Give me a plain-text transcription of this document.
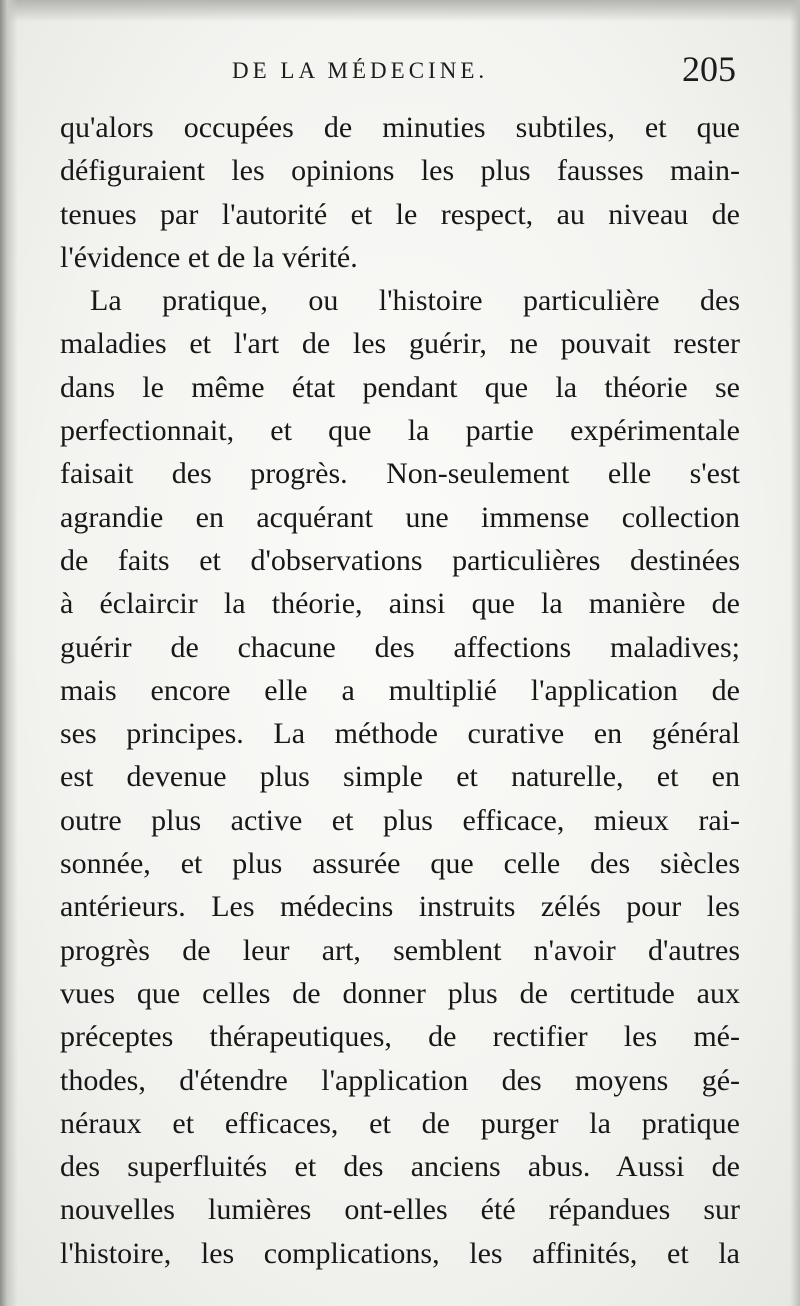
DE LA MÉDECINE.	205
qu'alors occupées de minuties subtiles, et que
défiguraient les opinions les plus fausses main-
tenues par l'autorité et le respect, au niveau de
l'évidence et de la vérité.
La pratique, ou l'histoire particulière des
maladies et l'art de les guérir, ne pouvait rester
dans le même état pendant que la théorie se
perfectionnait, et que la partie expérimentale
faisait des progrès. Non-seulement elle s'est
agrandie en acquérant une immense collection
de faits et d'observations particulières destinées
à éclaircir la théorie, ainsi que la manière de
guérir de chacune des affections maladives;
mais encore elle a multiplié l'application de
ses principes. La méthode curative en général
est devenue plus simple et naturelle, et en
outre plus active et plus efficace, mieux rai-
sonnée, et plus assurée que celle des siècles
antérieurs. Les médecins instruits zélés pour les
progrès de leur art, semblent n'avoir d'autres
vues que celles de donner plus de certitude aux
préceptes thérapeutiques, de rectifier les mé-
thodes, d'étendre l'application des moyens gé-
néraux et efficaces, et de purger la pratique
des superfluités et des anciens abus. Aussi de
nouvelles lumières ont-elles été répandues sur
l'histoire, les complications, les affinités, et la
